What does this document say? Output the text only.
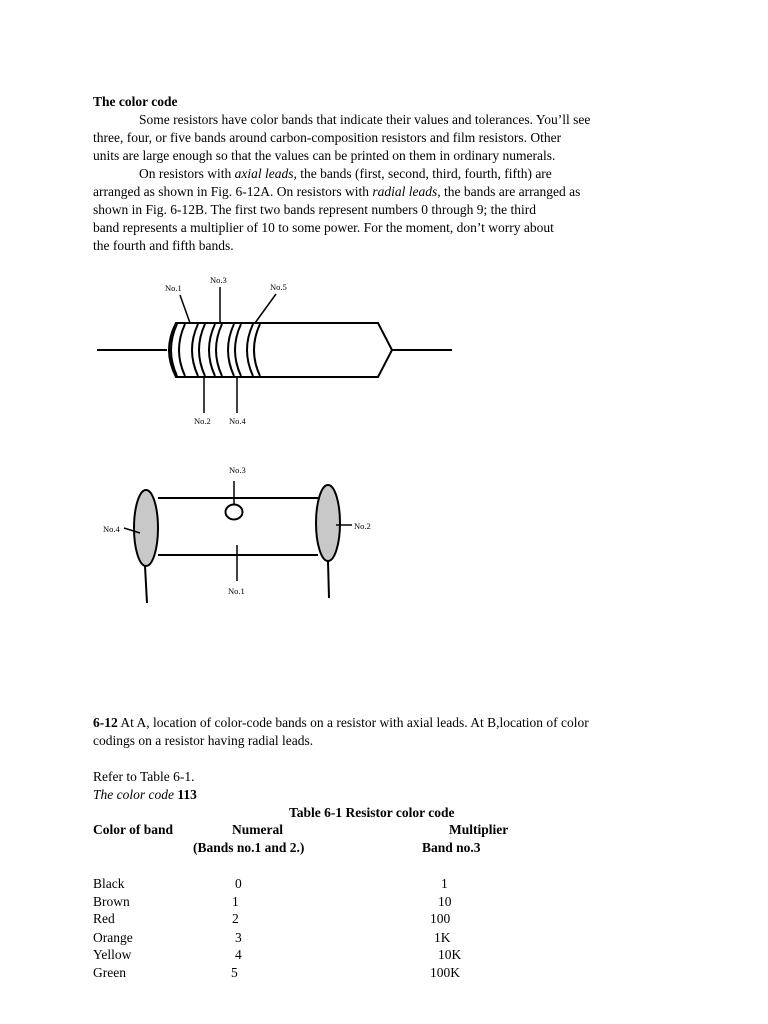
The color code
Some resistors have color bands that indicate their values and tolerances. You’ll see
three, four, or five bands around carbon-composition resistors and film resistors. Other
units are large enough so that the values can be printed on them in ordinary numerals.
On resistors with axial leads, the bands (first, second, third, fourth, fifth) are
arranged as shown in Fig. 6-12A. On resistors with radial leads, the bands are arranged as
shown in Fig. 6-12B. The first two bands represent numbers 0 through 9; the third
band represents a multiplier of 10 to some power. For the moment, don’t worry about
the fourth and fifth bands.
No.1
No.3
No.5
No.2 No.4
No.3
No.4	No.2
No.1
6-12 At A, location of color-code bands on a resistor with axial leads. At B,location of color
codings on a resistor having radial leads.
Refer to Table 6-1.
The color code 113
Table 6-1 Resistor color code
Color of band	Numeral	Multiplier
(Bands no.1 and 2.)	Band no.3
Black	0	1
Brown	1	10
Red	2	100
Orange	3	1K
Yellow	4	10K
Green	5	100K
